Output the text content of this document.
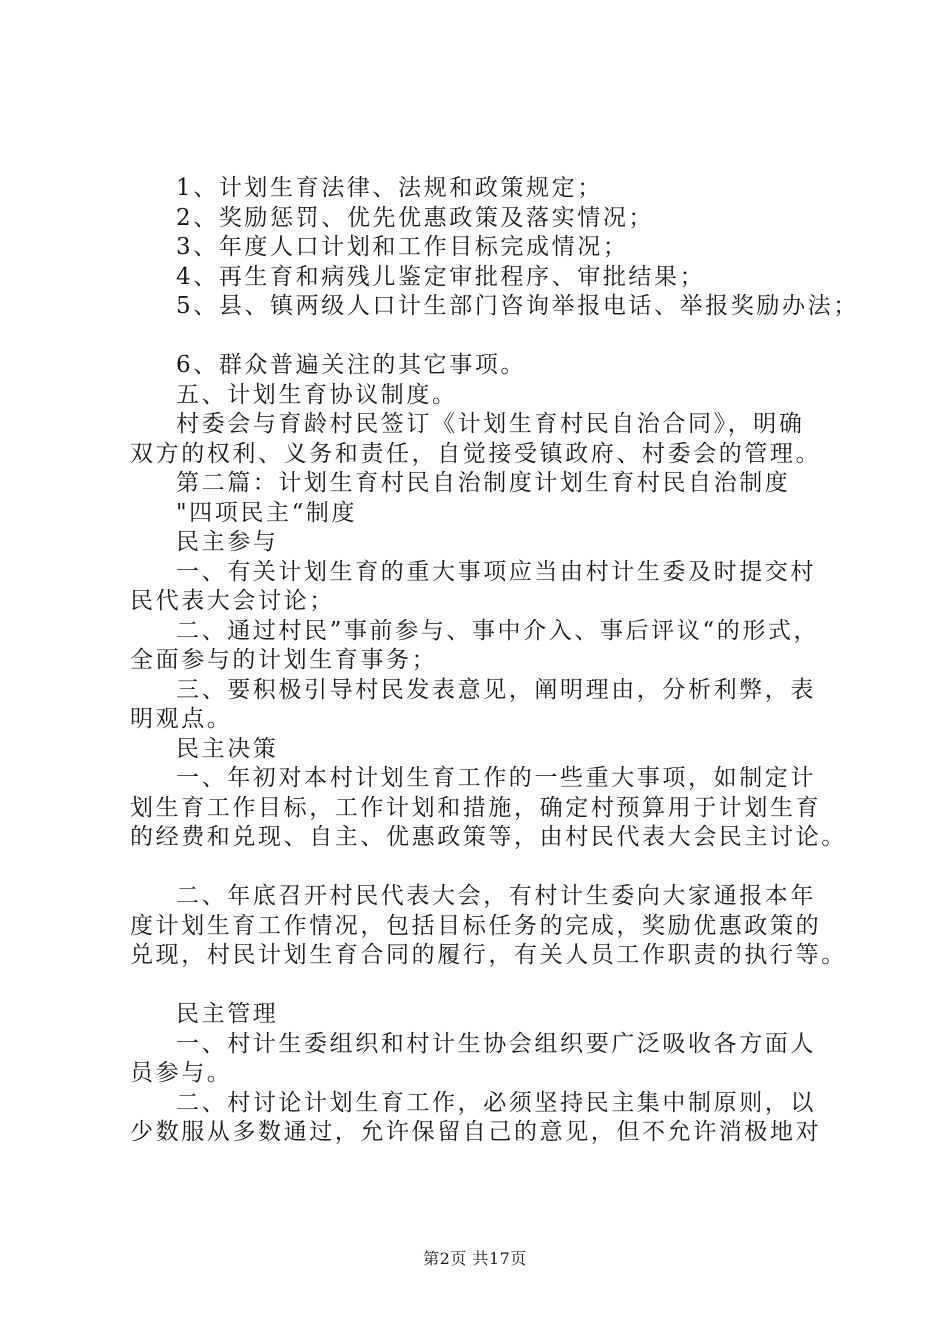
1、计划生育法律、法规和政策规定；

2、奖励惩罚、优先优惠政策及落实情况；

3、年度人口计划和工作目标完成情况；

4、再生育和病残儿鉴定审批程序、审批结果；

5、县、镇两级人口计生部门咨询举报电话、举报奖励办法；

6、群众普遍关注的其它事项。

五、计划生育协议制度。

村委会与育龄村民签订《计划生育村民自治合同》，明确

双方的权利、义务和责任，自觉接受镇政府、村委会的管理。

第二篇：计划生育村民自治制度计划生育村民自治制度

"四项民主“制度

民主参与

一、有关计划生育的重大事项应当由村计生委及时提交村

民代表大会讨论；

二、通过村民”事前参与、事中介入、事后评议“的形式，

全面参与的计划生育事务；

三、要积极引导村民发表意见，阐明理由，分析利弊，表

明观点。

民主决策

一、年初对本村计划生育工作的一些重大事项，如制定计

划生育工作目标，工作计划和措施，确定村预算用于计划生育

的经费和兑现、自主、优惠政策等，由村民代表大会民主讨论。

二、年底召开村民代表大会，有村计生委向大家通报本年

度计划生育工作情况，包括目标任务的完成，奖励优惠政策的

兑现，村民计划生育合同的履行，有关人员工作职责的执行等。

民主管理

一、村计生委组织和村计生协会组织要广泛吸收各方面人

员参与。

二、村讨论计划生育工作，必须坚持民主集中制原则，以

少数服从多数通过，允许保留自己的意见，但不允许消极地对

第2页 共17页
